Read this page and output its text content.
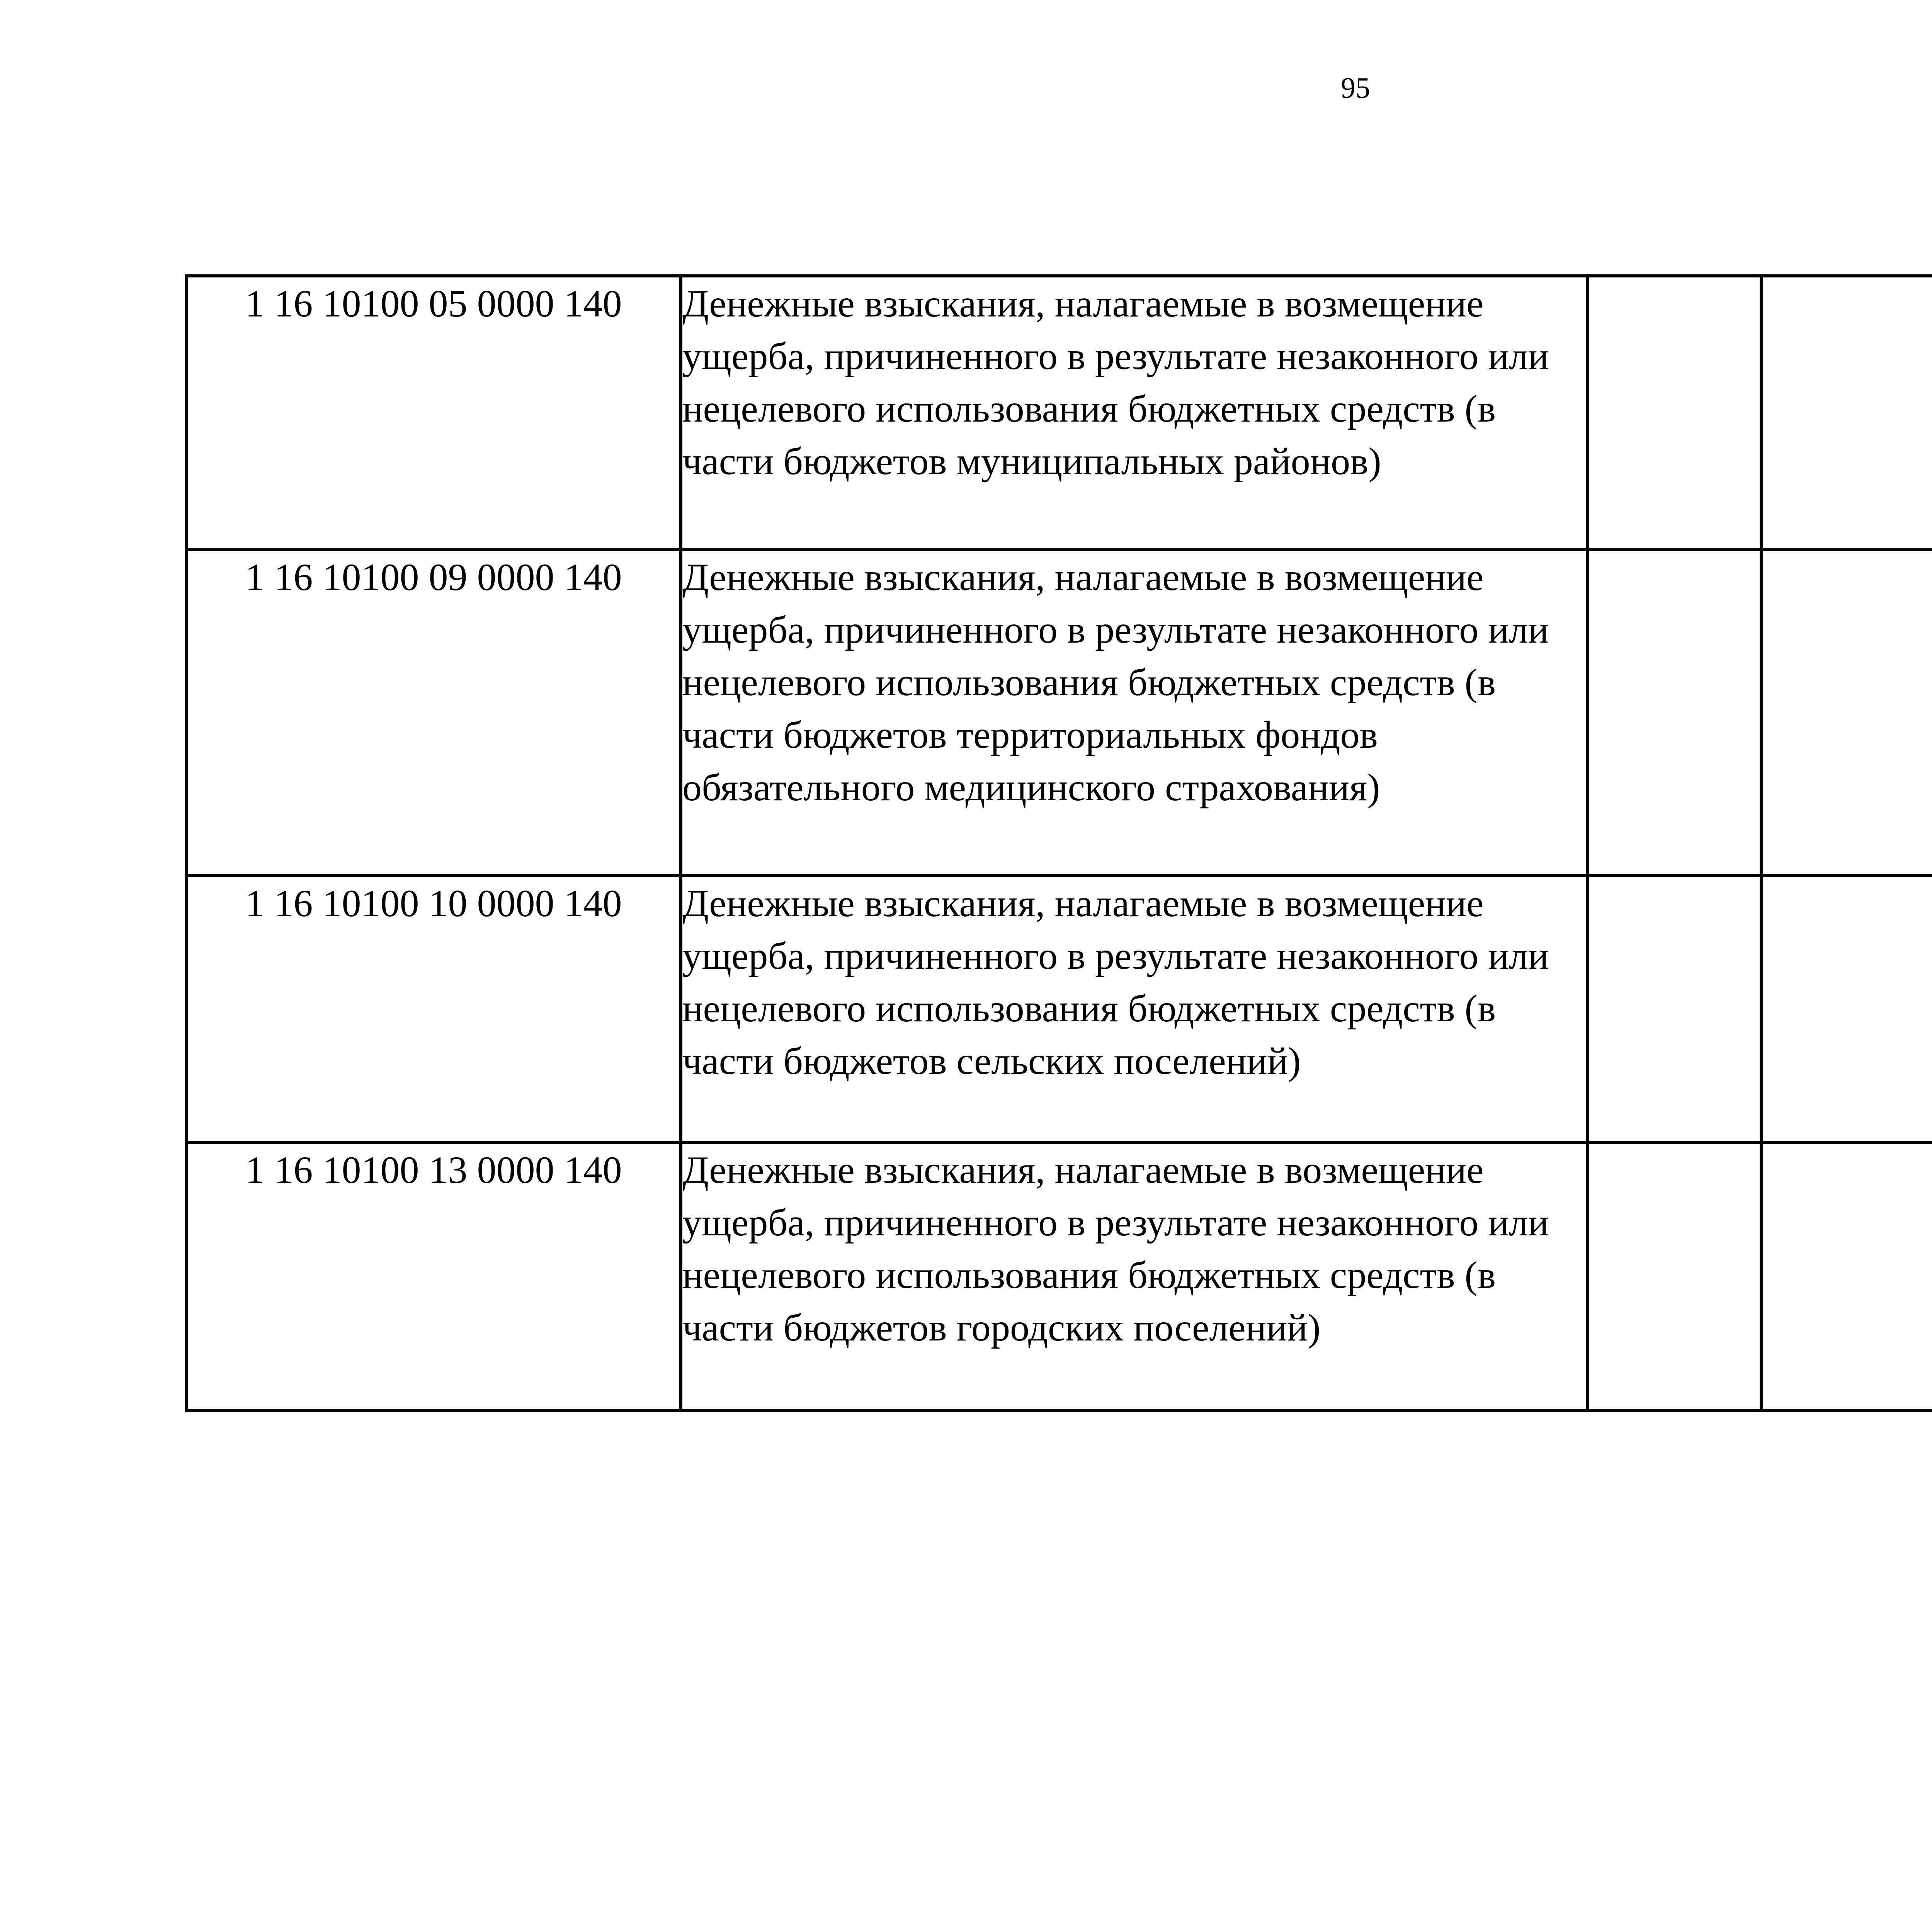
95
1 16 10100 05 0000 140	Денежные взыскания, налагаемые в возмещение ущерба, причиненного в результате незаконного или нецелевого использования бюджетных средств (в части бюджетов муниципальных районов)					
1 16 10100 09 0000 140	Денежные взыскания, налагаемые в возмещение ущерба, причиненного в результате незаконного или нецелевого использования бюджетных средств (в части бюджетов территориальных фондов обязательного медицинского страхования)					
1 16 10100 10 0000 140	Денежные взыскания, налагаемые в возмещение ущерба, причиненного в результате незаконного или нецелевого использования бюджетных средств (в части бюджетов сельских поселений)					
1 16 10100 13 0000 140	Денежные взыскания, налагаемые в возмещение ущерба, причиненного в результате незаконного или нецелевого использования бюджетных средств (в части бюджетов городских поселений)					
